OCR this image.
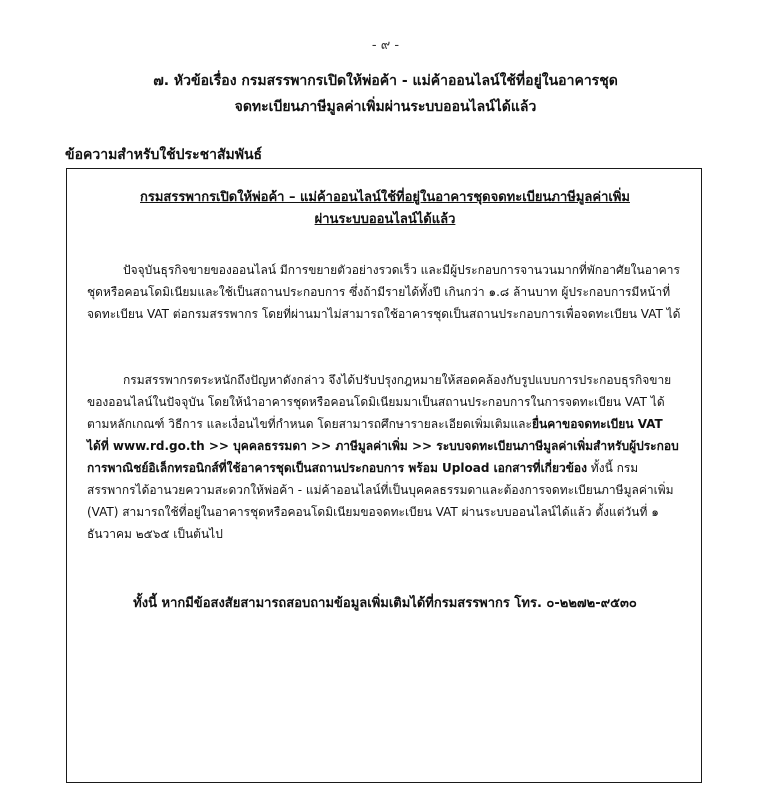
- ๙ -
๗. หัวข้อเรื่อง กรมสรรพากรเปิดให้พ่อค้า - แม่ค้าออนไลน์ใช้ที่อยู่ในอาคารชุด
จดทะเบียนภาษีมูลค่าเพิ่มผ่านระบบออนไลน์ได้แล้ว
ข้อความสำหรับใช้ประชาสัมพันธ์
กรมสรรพากรเปิดให้พ่อค้า – แม่ค้าออนไลน์ใช้ที่อยู่ในอาคารชุดจดทะเบียนภาษีมูลค่าเพิ่ม
ผ่านระบบออนไลน์ได้แล้ว

ปัจจุบันธุรกิจขายของออนไลน์ มีการขยายตัวอย่างรวดเร็ว และมีผู้ประกอบการจานวนมากที่พักอาศัยในอาคารชุดหรือคอนโดมิเนียมและใช้เป็นสถานประกอบการ ซึ่งถ้ามีรายได้ทั้งปี เกินกว่า ๑.๘ ล้านบาท ผู้ประกอบการมีหน้าที่จดทะเบียน VAT ต่อกรมสรรพากร โดยที่ผ่านมาไม่สามารถใช้อาคารชุดเป็นสถานประกอบการเพื่อจดทะเบียน VAT ได้

กรมสรรพากรตระหนักถึงปัญหาดังกล่าว จึงได้ปรับปรุงกฎหมายให้สอดคล้องกับรูปแบบการประกอบธุรกิจขายของออนไลน์ในปัจจุบัน โดยให้นำอาคารชุดหรือคอนโดมิเนียมมาเป็นสถานประกอบการในการจดทะเบียน VAT ได้ตามหลักเกณฑ์ วิธีการ และเงื่อนไขที่กำหนด โดยสามารถศึกษารายละเอียดเพิ่มเติมและยื่นคาขอจดทะเบียน VAT ได้ที่ www.rd.go.th >> บุคคลธรรมดา >> ภาษีมูลค่าเพิ่ม >> ระบบจดทะเบียนภาษีมูลค่าเพิ่มสำหรับผู้ประกอบการพาณิชย์อิเล็กทรอนิกส์ที่ใช้อาคารชุดเป็นสถานประกอบการ พร้อม Upload เอกสารที่เกี่ยวข้อง ทั้งนี้ กรมสรรพากรได้อานวยความสะดวกให้พ่อค้า - แม่ค้าออนไลน์ที่เป็นบุคคลธรรมดาและต้องการจดทะเบียนภาษีมูลค่าเพิ่ม (VAT) สามารถใช้ที่อยู่ในอาคารชุดหรือคอนโดมิเนียมขอจดทะเบียน VAT ผ่านระบบออนไลน์ได้แล้ว ตั้งแต่วันที่ ๑ ธันวาคม ๒๕๖๕ เป็นต้นไป

ทั้งนี้ หากมีข้อสงสัยสามารถสอบถามข้อมูลเพิ่มเติมได้ที่กรมสรรพากร โทร. ๐-๒๒๗๒-๙๕๓๐
